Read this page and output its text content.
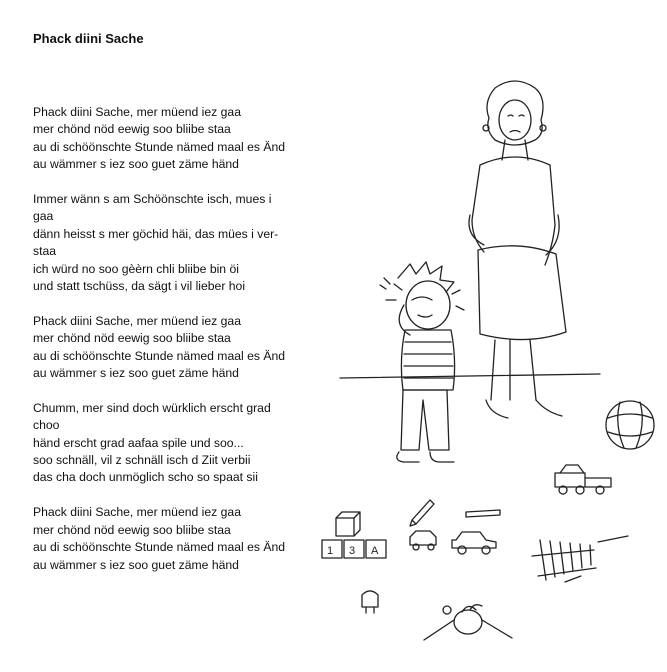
Phack diini Sache
Phack diini Sache, mer müend iez gaa
mer chönd nöd eewig soo bliibe staa
au di schöönschte Stunde nämed maal es Änd
au wämmer s iez soo guet zäme händ
Immer wänn s am Schöönschte isch, mues i
gaa
dänn heisst s mer göchid häi, das mües i ver-
staa
ich würd no soo gèèrn chli bliibe bin öi
und statt tschüss, da sägt i vil lieber hoi
Phack diini Sache, mer müend iez gaa
mer chönd nöd eewig soo bliibe staa
au di schöönschte Stunde nämed maal es Änd
au wämmer s iez soo guet zäme händ
Chumm, mer sind doch würklich erscht grad
choo
händ erscht grad aafaa spile und soo...
soo schnäll, vil z schnäll isch d Ziit verbii
das cha doch unmöglich scho so spaat sii
Phack diini Sache, mer müend iez gaa
mer chönd nöd eewig soo bliibe staa
au di schöönschte Stunde nämed maal es Änd
au wämmer s iez soo guet zäme händ
1 3 A
